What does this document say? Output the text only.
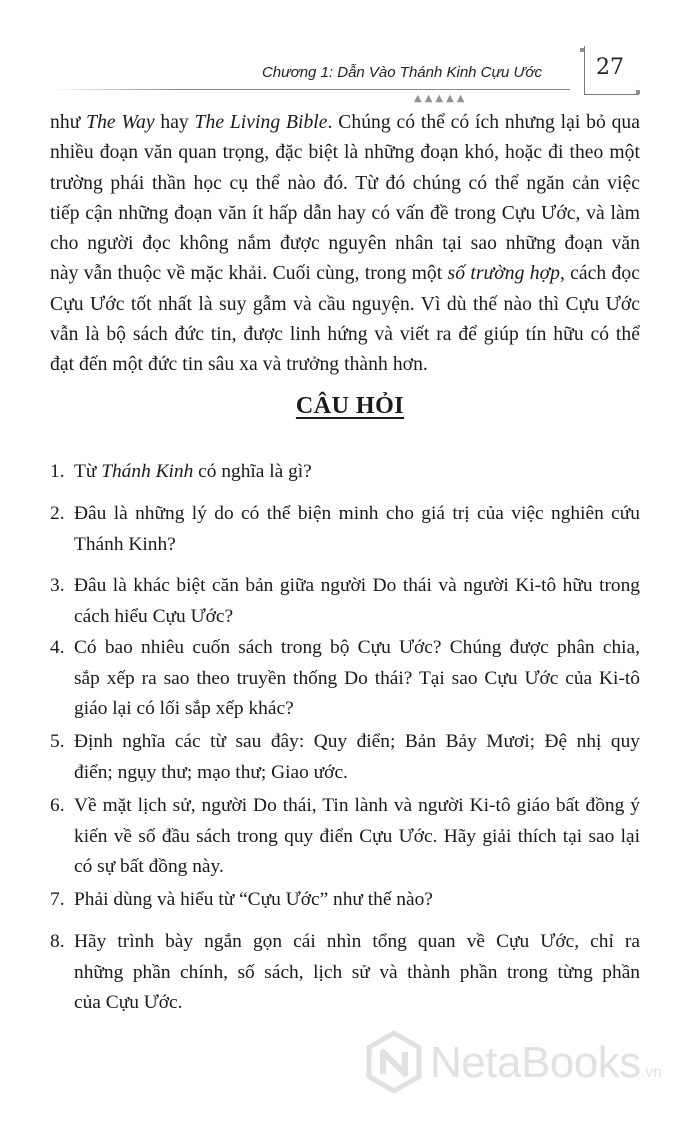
Chương 1: Dẫn Vào Thánh Kinh Cựu Ước
▲▲▲▲▲
27

như The Way hay The Living Bible. Chúng có thể có ích nhưng lại bỏ qua
nhiều đoạn văn quan trọng, đặc biệt là những đoạn khó, hoặc đi theo một
trường phái thần học cụ thể nào đó. Từ đó chúng có thể ngăn cản việc
tiếp cận những đoạn văn ít hấp dẫn hay có vấn đề trong Cựu Ước, và làm
cho người đọc không nắm được nguyên nhân tại sao những đoạn văn
này vẫn thuộc về mặc khải. Cuối cùng, trong một số trường hợp, cách đọc
Cựu Ước tốt nhất là suy gẫm và cầu nguyện. Vì dù thế nào thì Cựu Ước
vẫn là bộ sách đức tin, được linh hứng và viết ra để giúp tín hữu có thể
đạt đến một đức tin sâu xa và trưởng thành hơn.

CÂU HỎI
1. Từ Thánh Kinh có nghĩa là gì?
2. Đâu là những lý do có thể biện minh cho giá trị của việc nghiên cứu
Thánh Kinh?
3. Đâu là khác biệt căn bản giữa người Do thái và người Ki-tô hữu trong
cách hiểu Cựu Ước?
4. Có bao nhiêu cuốn sách trong bộ Cựu Ước? Chúng được phân chia,
sắp xếp ra sao theo truyền thống Do thái? Tại sao Cựu Ước của Ki-tô
giáo lại có lối sắp xếp khác?
5. Định nghĩa các từ sau đây: Quy điển; Bản Bảy Mươi; Đệ nhị quy
điển; ngụy thư; mạo thư; Giao ước.
6. Về mặt lịch sử, người Do thái, Tin lành và người Ki-tô giáo bất đồng ý
kiến về số đầu sách trong quy điển Cựu Ước. Hãy giải thích tại sao lại
có sự bất đồng này.
7. Phải dùng và hiểu từ “Cựu Ước” như thế nào?
8. Hãy trình bày ngắn gọn cái nhìn tổng quan về Cựu Ước, chỉ ra
những phần chính, số sách, lịch sử và thành phần trong từng phần
của Cựu Ước.
NetaBooks.vn
